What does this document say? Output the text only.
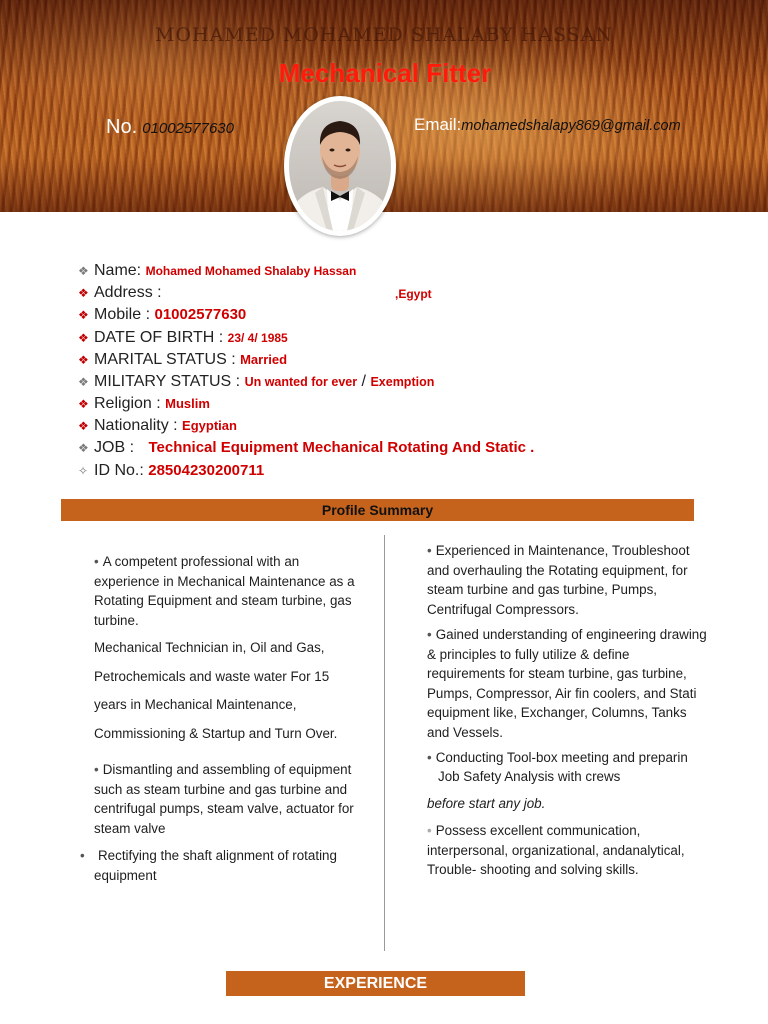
MOHAMED MOHAMED SHALABY HASSAN
Mechanical Fitter
No. 01002577630	Email:mohamedshalapy869@gmail.com
❖ Name: Mohamed Mohamed Shalaby Hassan
❖ Address :	,Egypt
❖ Mobile : 01002577630
❖ DATE OF BIRTH : 23/ 4/ 1985
❖ MARITAL STATUS : Married
❖ MILITARY STATUS : Un wanted for ever / Exemption
❖ Religion : Muslim
❖ Nationality : Egyptian
❖ JOB : Technical Equipment Mechanical Rotating And Static .
✧ ID No.: 28504230200711
Profile Summary

• A competent professional with an experience in Mechanical Maintenance as a Rotating Equipment and steam turbine, gas turbine.

Mechanical Technician in, Oil and Gas,

Petrochemicals and waste water For 15

years in Mechanical Maintenance,

Commissioning & Startup and Turn Over.

• Dismantling and assembling of equipment such as steam turbine and gas turbine and centrifugal pumps, steam valve, actuator for steam valve

• Rectifying the shaft alignment of rotating equipment

• Experienced in Maintenance, Troubleshoot and overhauling the Rotating equipment, for steam turbine and gas turbine, Pumps, Centrifugal Compressors.

• Gained understanding of engineering drawing & principles to fully utilize & define requirements for steam turbine, gas turbine, Pumps, Compressor, Air fin coolers, and Stati equipment like, Exchanger, Columns, Tanks and Vessels.

• Conducting Tool-box meeting and preparin

Job Safety Analysis with crews

before start any job.

• Possess excellent communication, interpersonal, organizational, andanalytical, Trouble- shooting and solving skills.

EXPERIENCE
